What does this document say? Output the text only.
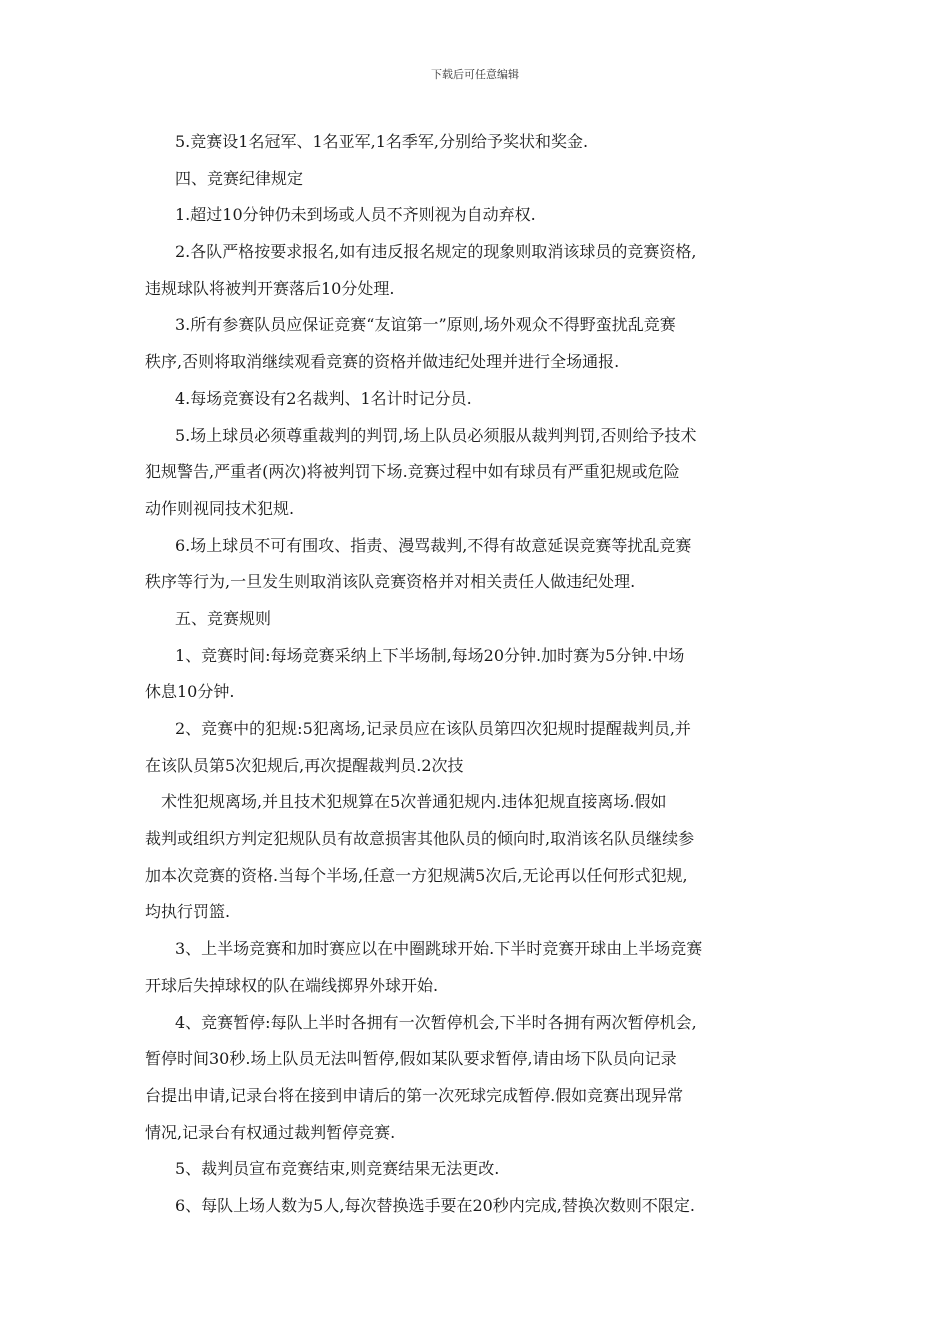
下载后可任意编辑
5.竞赛设1名冠军、1名亚军,1名季军,分别给予奖状和奖金.
四、竞赛纪律规定
1.超过10分钟仍未到场或人员不齐则视为自动弃权.
2.各队严格按要求报名,如有违反报名规定的现象则取消该球员的竞赛资格,
违规球队将被判开赛落后10分处理.
3.所有参赛队员应保证竞赛“友谊第一”原则,场外观众不得野蛮扰乱竞赛
秩序,否则将取消继续观看竞赛的资格并做违纪处理并进行全场通报.
4.每场竞赛设有2名裁判、1名计时记分员.
5.场上球员必须尊重裁判的判罚,场上队员必须服从裁判判罚,否则给予技术
犯规警告,严重者(两次)将被判罚下场.竞赛过程中如有球员有严重犯规或危险
动作则视同技术犯规.
6.场上球员不可有围攻、指责、漫骂裁判,不得有故意延误竞赛等扰乱竞赛
秩序等行为,一旦发生则取消该队竞赛资格并对相关责任人做违纪处理.
五、竞赛规则
1、竞赛时间:每场竞赛采纳上下半场制,每场20分钟.加时赛为5分钟.中场
休息10分钟.
2、竞赛中的犯规:5犯离场,记录员应在该队员第四次犯规时提醒裁判员,并
在该队员第5次犯规后,再次提醒裁判员.2次技
术性犯规离场,并且技术犯规算在5次普通犯规内.违体犯规直接离场.假如
裁判或组织方判定犯规队员有故意损害其他队员的倾向时,取消该名队员继续参
加本次竞赛的资格.当每个半场,任意一方犯规满5次后,无论再以任何形式犯规,
均执行罚篮.
3、上半场竞赛和加时赛应以在中圈跳球开始.下半时竞赛开球由上半场竞赛
开球后失掉球权的队在端线掷界外球开始.
4、竞赛暂停:每队上半时各拥有一次暂停机会,下半时各拥有两次暂停机会,
暂停时间30秒.场上队员无法叫暂停,假如某队要求暂停,请由场下队员向记录
台提出申请,记录台将在接到申请后的第一次死球完成暂停.假如竞赛出现异常
情况,记录台有权通过裁判暂停竞赛.
5、裁判员宣布竞赛结束,则竞赛结果无法更改.
6、每队上场人数为5人,每次替换选手要在20秒内完成,替换次数则不限定.
